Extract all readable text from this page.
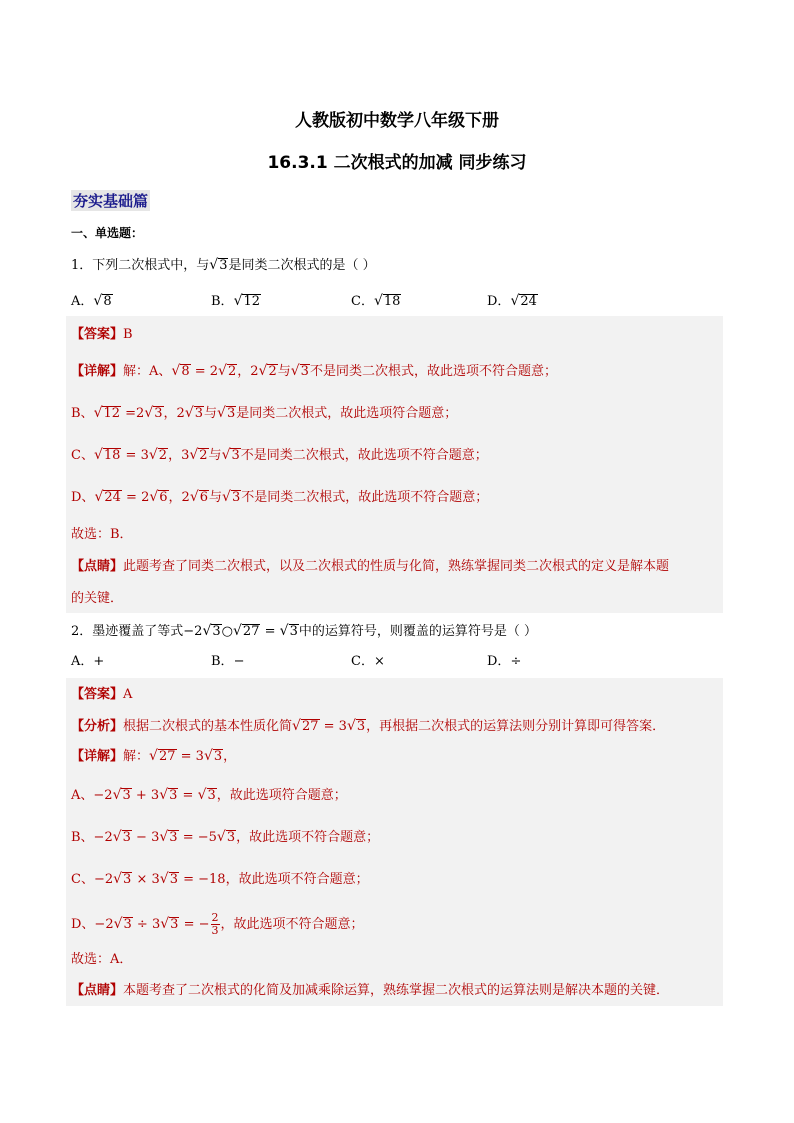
人教版初中数学八年级下册
16.3.1 二次根式的加减 同步练习
夯实基础篇
一、单选题：
1．下列二次根式中，与√3是同类二次根式的是（ ）
A．√8	B．√12	C．√18	D．√24
【答案】B
【详解】解：A、√8 = 2√2，2√2与√3不是同类二次根式，故此选项不符合题意；
B、√12 =2√3，2√3与√3是同类二次根式，故此选项符合题意；
C、√18 = 3√2，3√2与√3不是同类二次根式，故此选项不符合题意；
D、√24 = 2√6，2√6与√3不是同类二次根式，故此选项不符合题意；
故选：B．
【点睛】此题考查了同类二次根式，以及二次根式的性质与化简，熟练掌握同类二次根式的定义是解本题
的关键．
2．墨迹覆盖了等式−2√3○√27 = √3中的运算符号，则覆盖的运算符号是（ ）
A．+	B．−	C．×	D．÷
【答案】A
【分析】根据二次根式的基本性质化简√27 = 3√3，再根据二次根式的运算法则分别计算即可得答案．
【详解】解：√27 = 3√3，
A、−2√3 + 3√3 = √3，故此选项符合题意；
B、−2√3 − 3√3 = −5√3，故此选项不符合题意；
C、−2√3 × 3√3 = −18，故此选项不符合题意；
D、−2√3 ÷ 3√3 = − $\frac{2}{3}$ ，故此选项不符合题意；
故选：A．
【点睛】本题考查了二次根式的化简及加减乘除运算，熟练掌握二次根式的运算法则是解决本题的关键．
